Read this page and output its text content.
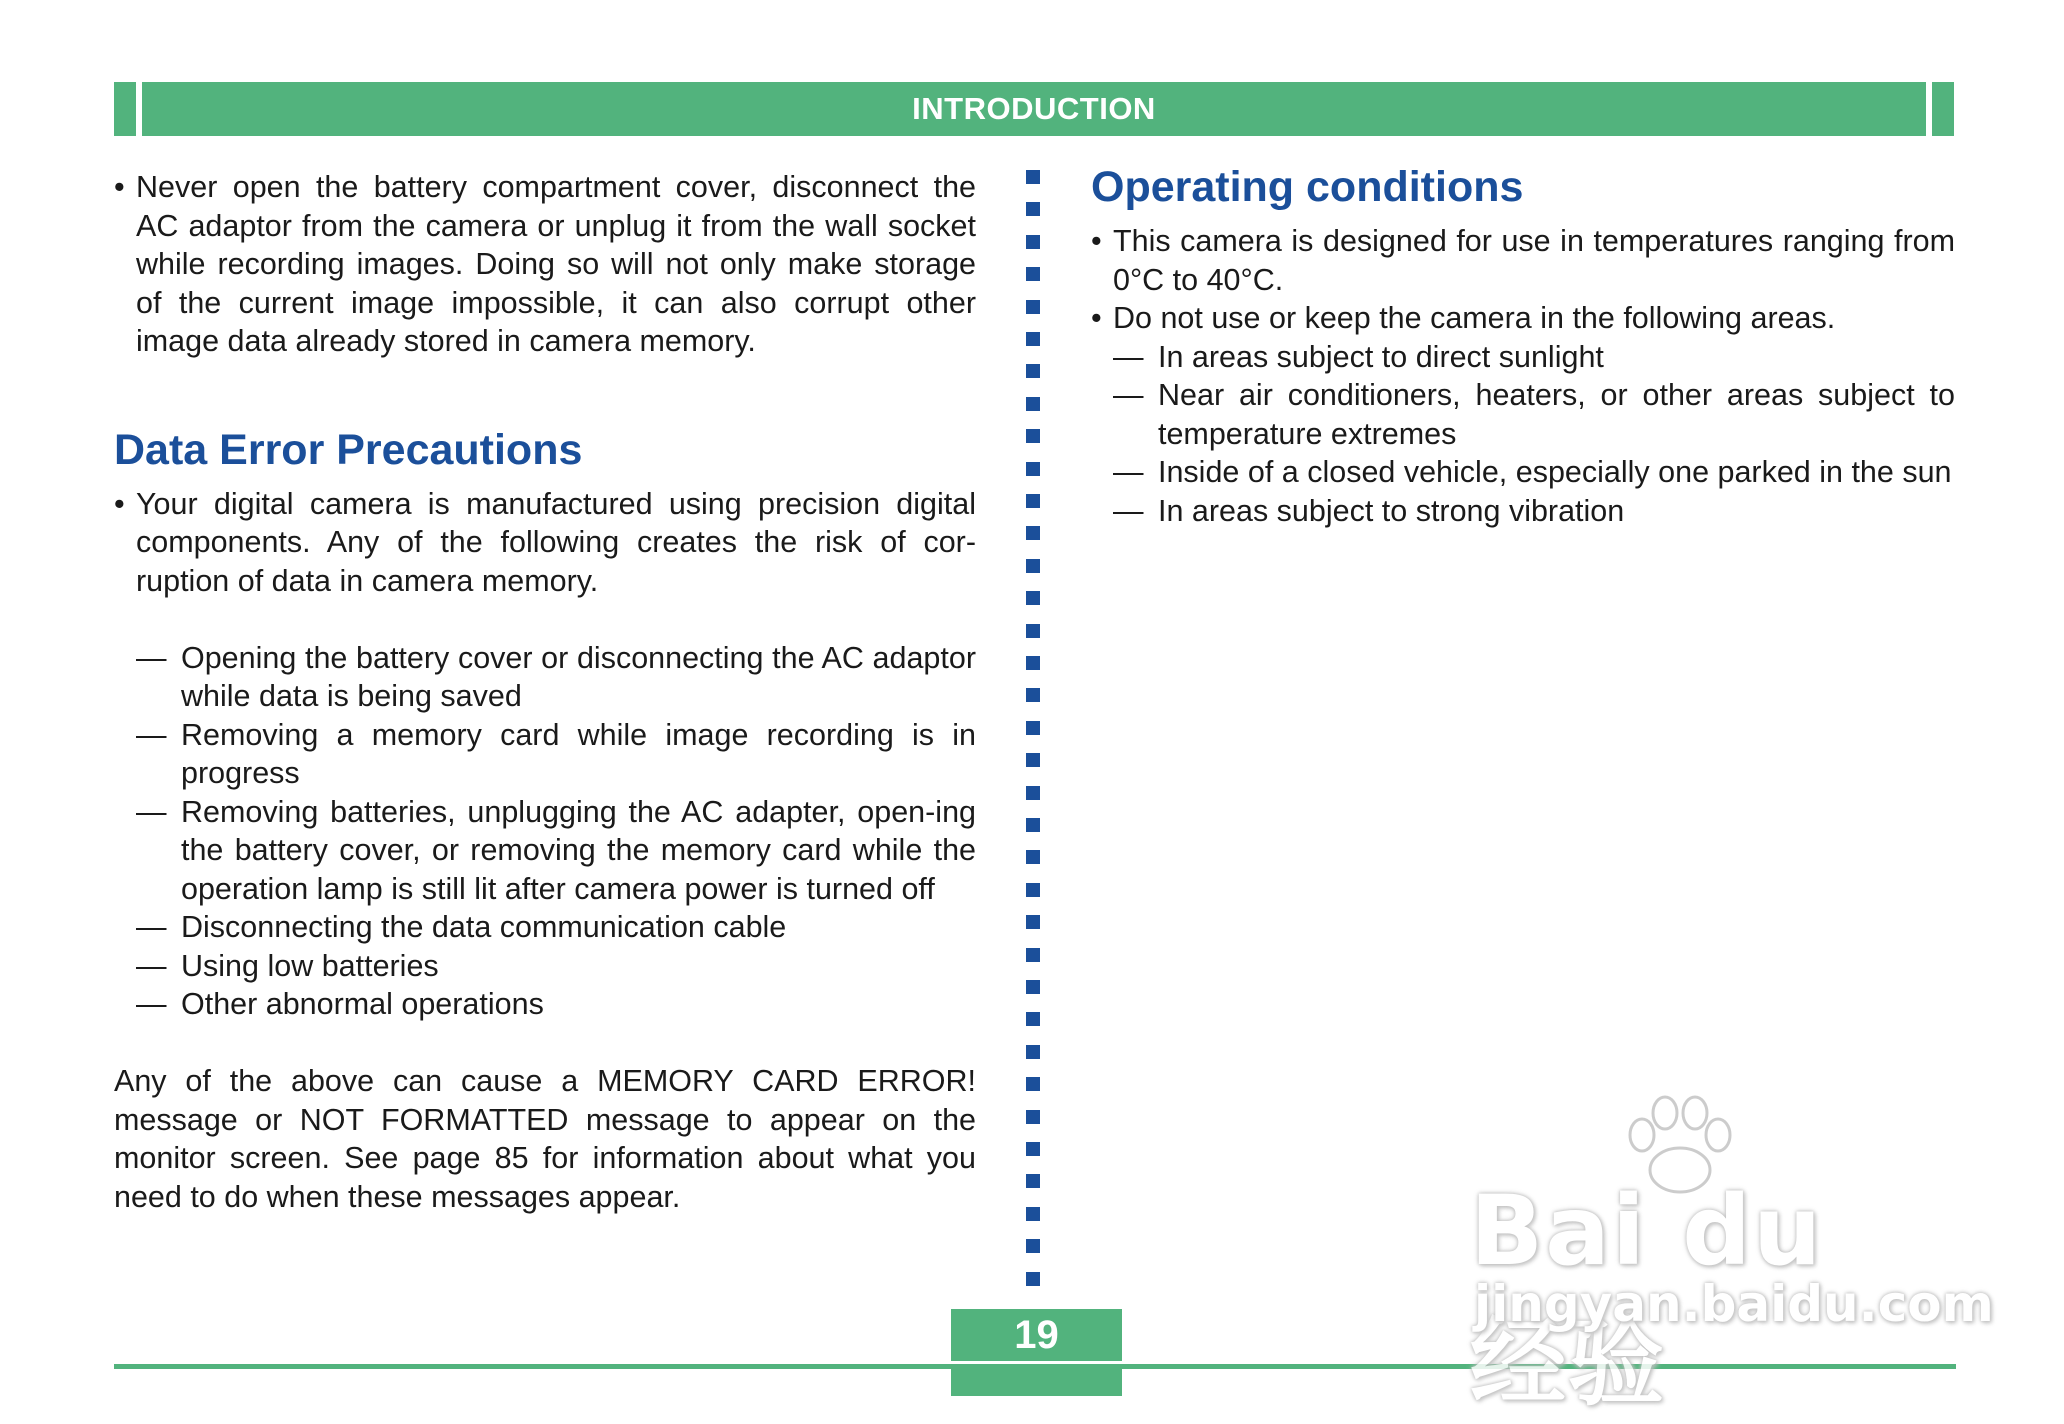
INTRODUCTION
• Never open the battery compartment cover, disconnect the AC adaptor from the camera or unplug it from the wall socket while recording images. Doing so will not only make storage of the current image impossible, it can also corrupt other image data already stored in camera memory.
Data Error Precautions
• Your digital camera is manufactured using precision digital components. Any of the following creates the risk of cor-ruption of data in camera memory.
— Opening the battery cover or disconnecting the AC adaptor while data is being saved
— Removing a memory card while image recording is in progress
— Removing batteries, unplugging the AC adapter, open-ing the battery cover, or removing the memory card while the operation lamp is still lit after camera power is turned off
— Disconnecting the data communication cable
— Using low batteries
— Other abnormal operations
Any of the above can cause a MEMORY CARD ERROR! message or NOT FORMATTED message to appear on the monitor screen. See page 85 for information about what you need to do when these messages appear.
Operating conditions
• This camera is designed for use in temperatures ranging from 0°C to 40°C.
• Do not use or keep the camera in the following areas.
— In areas subject to direct sunlight
— Near air conditioners, heaters, or other areas subject to temperature extremes
— Inside of a closed vehicle, especially one parked in the sun
— In areas subject to strong vibration
19
Bai du 经验
jingyan.baidu.com
